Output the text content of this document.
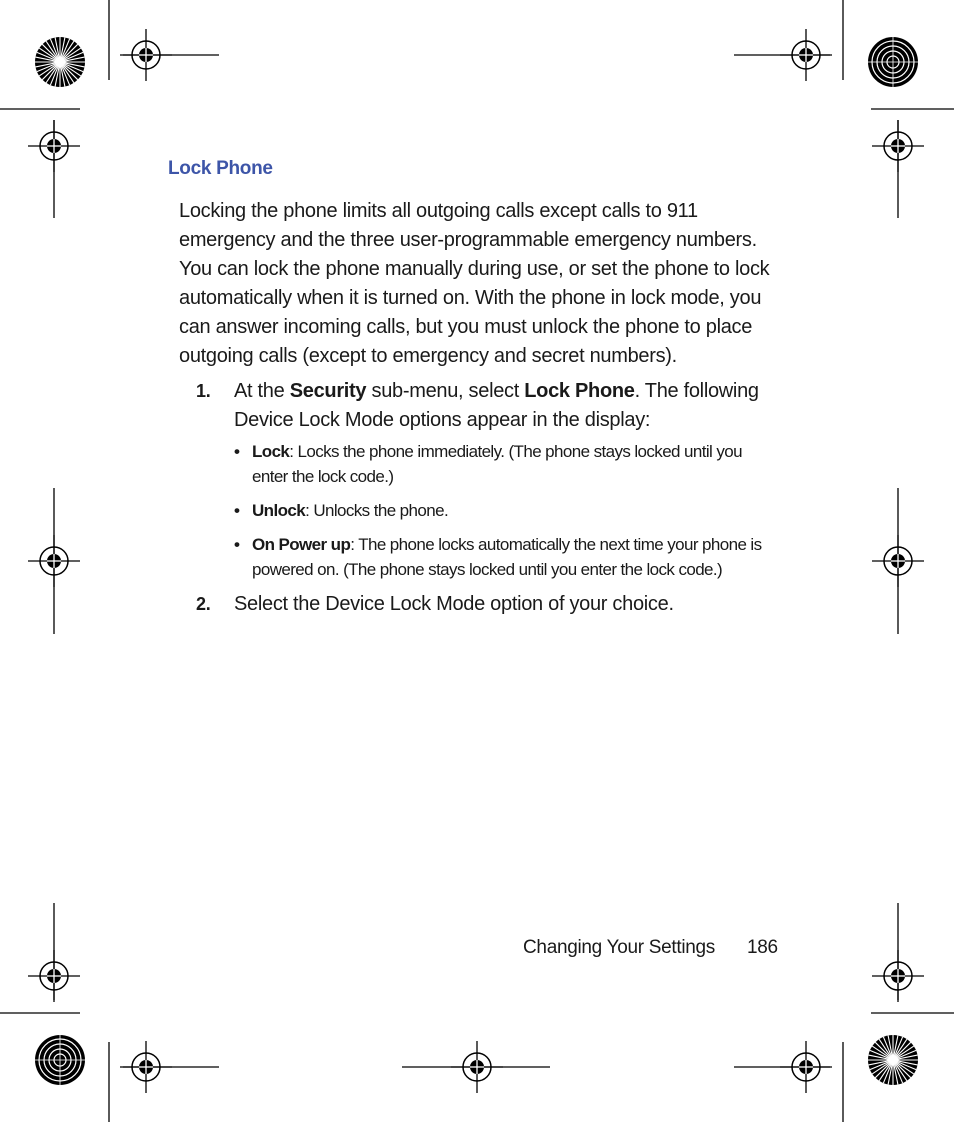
Lock Phone
Locking the phone limits all outgoing calls except calls to 911 emergency and the three user-programmable emergency numbers. You can lock the phone manually during use, or set the phone to lock automatically when it is turned on. With the phone in lock mode, you can answer incoming calls, but you must unlock the phone to place outgoing calls (except to emergency and secret numbers).
1. At the Security sub-menu, select Lock Phone. The following Device Lock Mode options appear in the display:
• Lock: Locks the phone immediately. (The phone stays locked until you enter the lock code.)
• Unlock: Unlocks the phone.
• On Power up: The phone locks automatically the next time your phone is powered on. (The phone stays locked until you enter the lock code.)
2. Select the Device Lock Mode option of your choice.
Changing Your Settings 186
